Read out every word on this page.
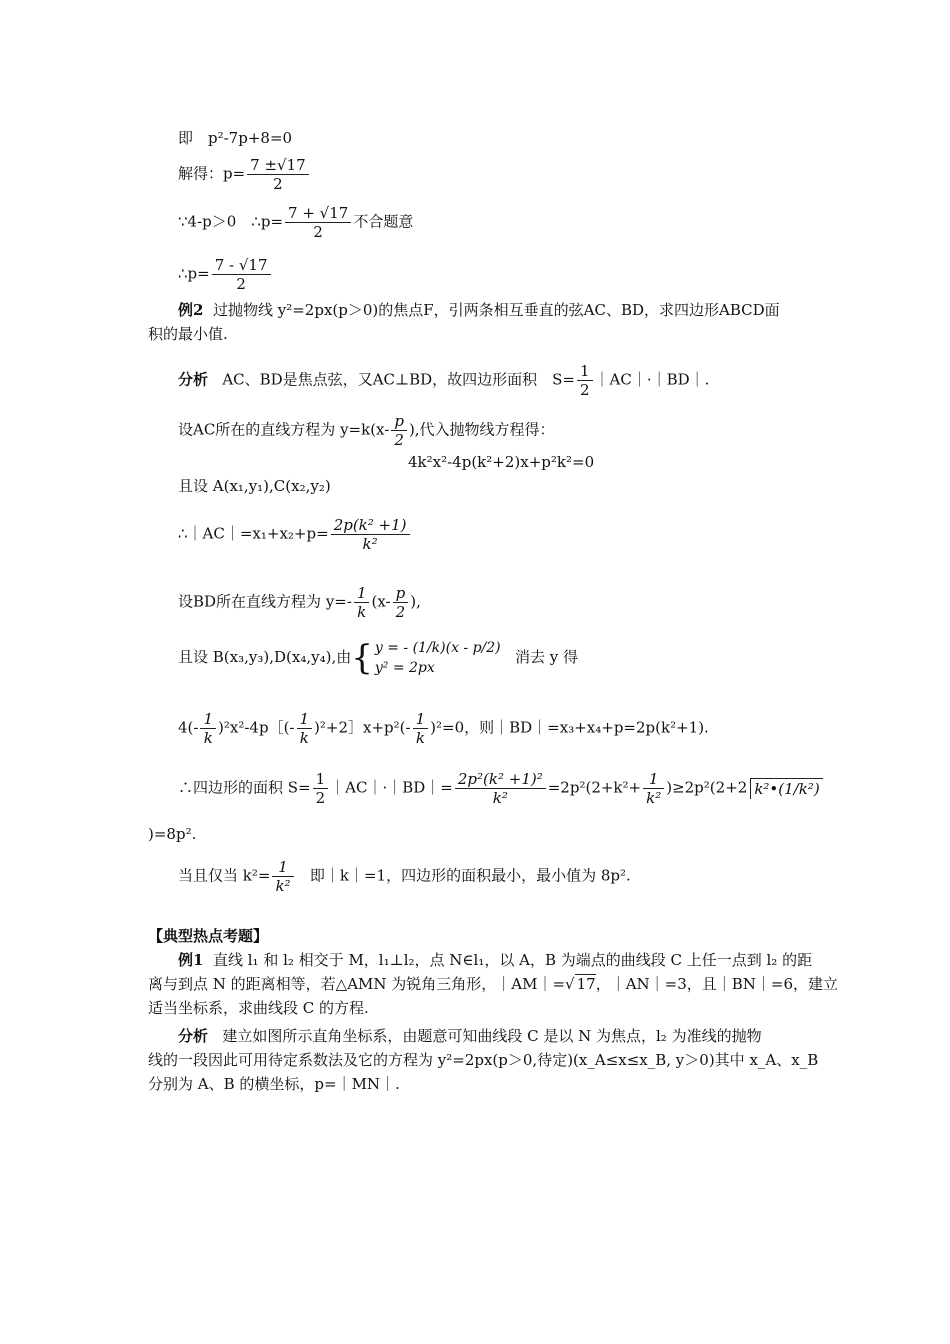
即　p²-7p+8=0
解得：$p= \frac{7 \pm√17}{2}$
∵4-p＞0　∴p= $\frac{7 + √17}{2}$ 不合题意
∴p= $\frac{7 - √17}{2}$
例2 过抛物线 y²=2px(p＞0)的焦点F，引两条相互垂直的弦AC、BD，求四边形ABCD面
积的最小值.
分析 AC、BD是焦点弦，又AC⊥BD，故四边形面积　$S= \frac{1}{2}$ ｜AC｜·｜BD｜.
设AC所在的直线方程为 $y=k(x- \frac{p}{2}$ ),代入抛物线方程得：
4k²x²-4p(k²+2)x+p²k²=0
且设 A(x₁,y₁),C(x₂,y₂)
∴｜AC｜=x₁+x₂+p= $\frac{\text{2p(k² +1)}}{\text{k²}}$
设BD所在直线方程为 $y=- \frac{1}{k} (x- \frac{p}{2}$ ),
且设 B(x₃,y₃),D(x₄,y₄),由{ y = - (1/k)(x - p/2)
y² = 2px
消去 y 得
$4(- \frac{1}{k}$ )²x²-4p［(- $\frac{1}{k}$ )²+2］x+p²(- $\frac{1}{k} )^2=0$，则｜BD｜=x₃+x₄+p=2p(k²+1).
∴四边形的面积 $S= \frac{1}{2}$ ｜AC｜·｜BD｜= $\frac{\text{2p²(k² +1)²}}{\text{k²}} =2p^2(2+k^2+ \frac{1}{\text{k²}} )\ge 2p^2(2+2$ k²•(1/k²)
)=8p².
当且仅当 $k^2= \frac{1}{\text{k²}}$ 即｜k｜=1，四边形的面积最小，最小值为 8p².
【典型热点考题】
例1 直线 l₁ 和 l₂ 相交于 M，l₁⊥l₂，点 N∈l₁，以 A，B 为端点的曲线段 C 上任一点到 l₂ 的距
离与到点 N 的距离相等，若△AMN 为锐角三角形，｜AM｜=√ 17，｜AN｜=3，且｜BN｜=6，建立
适当坐标系，求曲线段 C 的方程.
分析 建立如图所示直角坐标系，由题意可知曲线段 C 是以 N 为焦点，l₂ 为准线的抛物
线的一段因此可用待定系数法及它的方程为 y²=2px(p＞0,待定)(x_A≤x≤x_B, y＞0)其中 x_A、x_B
分别为 A、B 的横坐标，p=｜MN｜.
